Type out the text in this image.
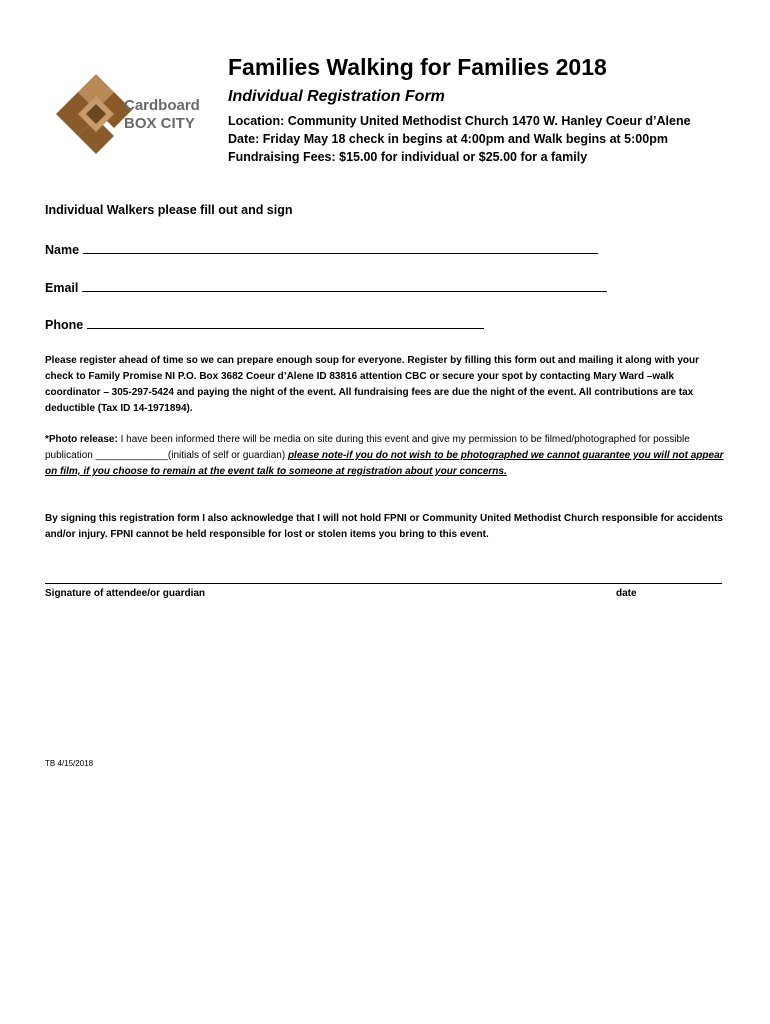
Cardboard
BOX CITY
Families Walking for Families 2018
Individual Registration Form

Location: Community United Methodist Church 1470 W. Hanley Coeur d’Alene

Date: Friday May 18 check in begins at 4:00pm and Walk begins at 5:00pm

Fundraising Fees: $15.00 for individual or $25.00 for a family

Individual Walkers please fill out and sign
Name
Email
Phone

Please register ahead of time so we can prepare enough soup for everyone. Register by filling this form out and mailing it along with your check to Family Promise NI P.O. Box 3682 Coeur d’Alene ID 83816 attention CBC or secure your spot by contacting Mary Ward –walk coordinator – 305-297-5424 and paying the night of the event. All fundraising fees are due the night of the event. All contributions are tax deductible (Tax ID 14-1971894).

*Photo release: I have been informed there will be media on site during this event and give my permission to be filmed/photographed for possible publication _____________(initials of self or guardian) please note-if you do not wish to be photographed we cannot guarantee you will not appear on film, if you choose to remain at the event talk to someone at registration about your concerns.

By signing this registration form I also acknowledge that I will not hold FPNI or Community United Methodist Church responsible for accidents and/or injury. FPNI cannot be held responsible for lost or stolen items you bring to this event.

Signature of attendee/or guardian	date
TB 4/15/2018
